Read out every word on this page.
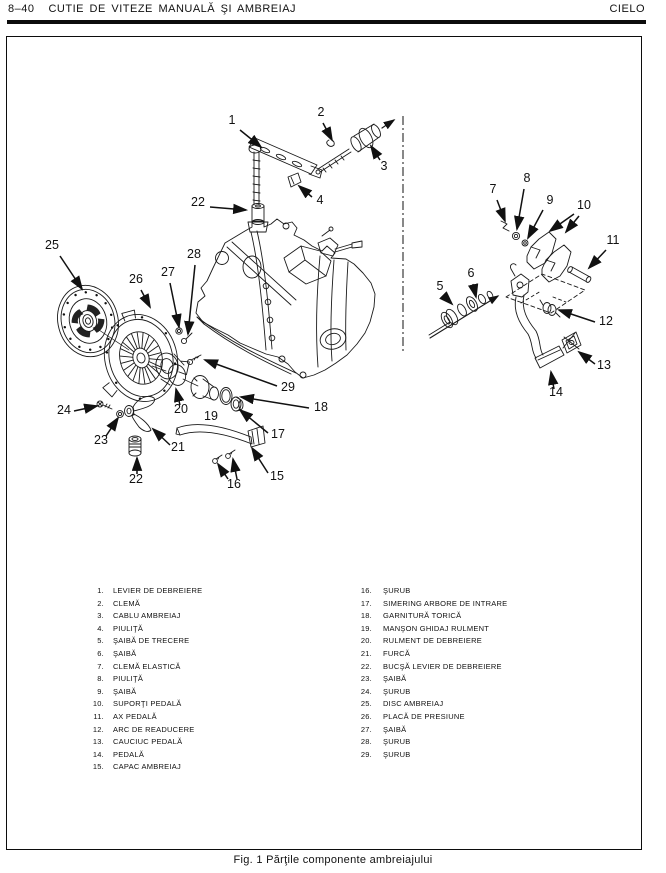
8–40 CUTIE DE VITEZE MANUALĂ ŞI AMBREIAJ	CIELO
1
2
3
4
22
25
26 27
28
29
18
17
20 19
21
23
24
22	16
15
5
6
7
8
9 10
11
12
13
14
1. LEVIER DE DEBREIERE
2. CLEMĂ
3. CABLU AMBREIAJ
4. PIULIŢĂ
5. ŞAIBĂ DE TRECERE
6. ŞAIBĂ
7. CLEMĂ ELASTICĂ
8. PIULIŢĂ
9. ŞAIBĂ
10. SUPORŢI PEDALĂ
11. AX PEDALĂ
12. ARC DE READUCERE
13. CAUCIUC PEDALĂ
14. PEDALĂ
15. CAPAC AMBREIAJ
16. ŞURUB
17. SIMERING ARBORE DE INTRARE
18. GARNITURĂ TORICĂ
19. MANŞON GHIDAJ RULMENT
20. RULMENT DE DEBREIERE
21. FURCĂ
22. BUCŞĂ LEVIER DE DEBREIERE
23. ŞAIBĂ
24. ŞURUB
25. DISC AMBREIAJ
26. PLACĂ DE PRESIUNE
27. ŞAIBĂ
28. ŞURUB
29. ŞURUB
Fig. 1 Părţile componente ambreiajului
